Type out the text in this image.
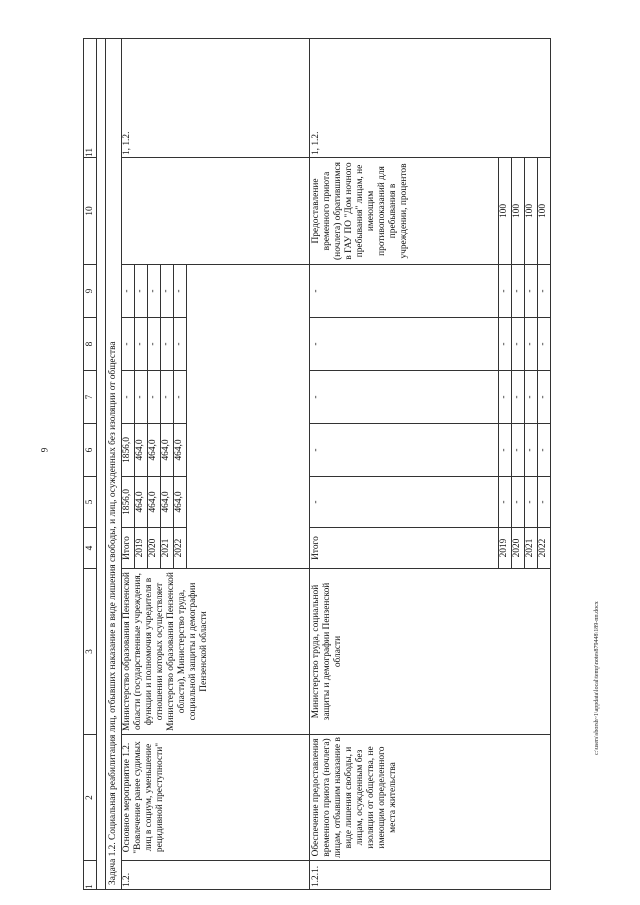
9
c:\users\sborsh~1\appdata\local\temp\notes879448\189-пп.docx
1	2	3	4	5	6	7	8	9	10	11

Задача 1.2. Социальная реабилитация лиц, отбывших наказание в виде лишения свободы, и лиц, осужденных без изоляции от общества										
1.2.	Основное мероприятие 1.2. "Вовлечение ранее судимых лиц в социум, уменьшение рецидивной преступности"	Министерство образования Пензенской области (государственные учреждения, функции и полномочия учредителя в отношении которых осуществляет Министерство образования Пензенской области), Министерство труда, социальной защиты и демографии Пензенской области	Итого	1856,0	1856,0	-	-	-		1, 1.2.
			2019	464,0	464,0	-	-	-		
			2020	464,0	464,0	-	-	-		
			2021	464,0	464,0	-	-	-		
			2022	464,0	464,0	-	-	-		

1.2.1.	Обеспечение предоставления временного приюта (ночлега) лицам, отбывшим наказание в виде лишения свободы, и лицам, осужденным без изоляции от общества, не имеющим определенного места жительства	Министерство труда, социальной защиты и демографии Пензенской области	Итого	-	-	-	-	-	Предоставление временного приюта (ночлега) обратившимся в ГАУ ПО "Дом ночного пребывания" лицам, не имеющим противопоказаний для пребывания в учреждении, процентов	1, 1.2.
			2019	-	-	-	-	-	100	
			2020	-	-	-	-	-	100	
			2021	-	-	-	-	-	100	
			2022	-	-	-	-	-	100	
